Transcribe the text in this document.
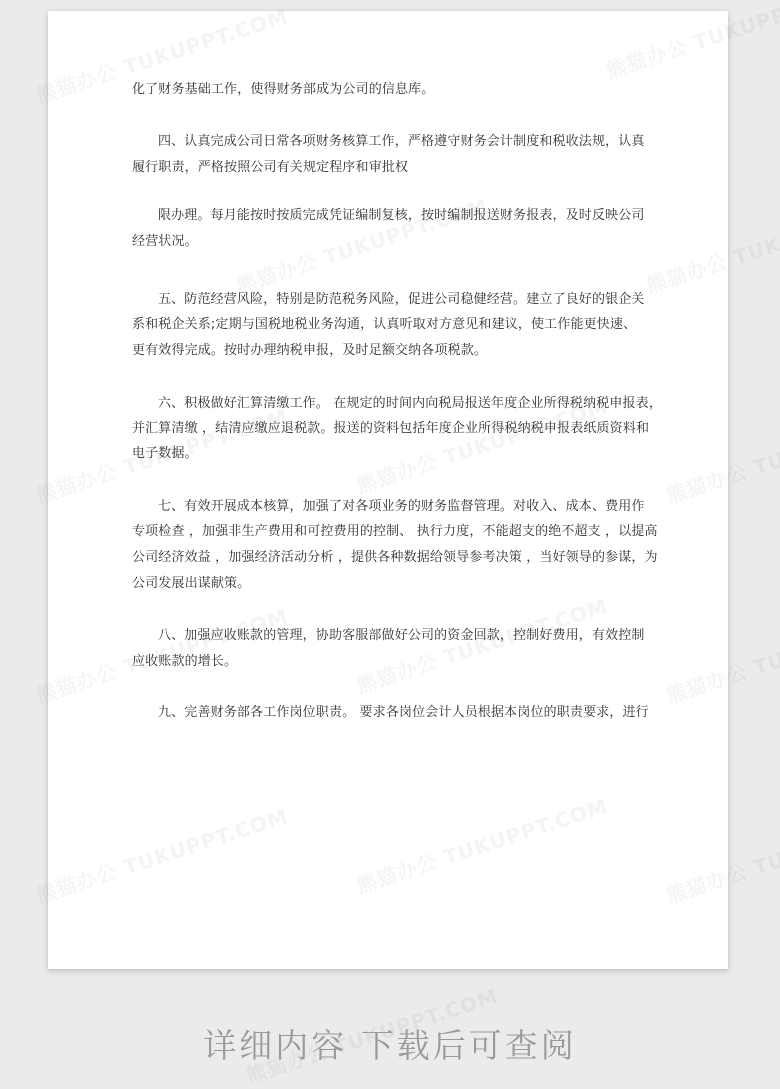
化了财务基础工作，使得财务部成为公司的信息库。
四、认真完成公司日常各项财务核算工作，严格遵守财务会计制度和税收法规，认真
履行职责，严格按照公司有关规定程序和审批权
限办理。每月能按时按质完成凭证编制复核，按时编制报送财务报表，及时反映公司
经营状况。
五、防范经营风险，特别是防范税务风险，促进公司稳健经营。建立了良好的银企关
系和税企关系;定期与国税地税业务沟通，认真听取对方意见和建议，使工作能更快速、
更有效得完成。按时办理纳税申报，及时足额交纳各项税款。
六、积极做好汇算清缴工作。 在规定的时间内向税局报送年度企业所得税纳税申报表，
并汇算清缴 ，结清应缴应退税款。报送的资料包括年度企业所得税纳税申报表纸质资料和
电子数据。
七、有效开展成本核算，加强了对各项业务的财务监督管理。对收入、成本、费用作
专项检查 ，加强非生产费用和可控费用的控制、 执行力度，不能超支的绝不超支 ，以提高
公司经济效益 ，加强经济活动分析 ，提供各种数据给领导参考决策 ，当好领导的参谋，为
公司发展出谋献策。
八、加强应收账款的管理，协助客服部做好公司的资金回款，控制好费用，有效控制
应收账款的增长。
九、完善财务部各工作岗位职责。 要求各岗位会计人员根据本岗位的职责要求，进行
详细内容 下载后可查阅
